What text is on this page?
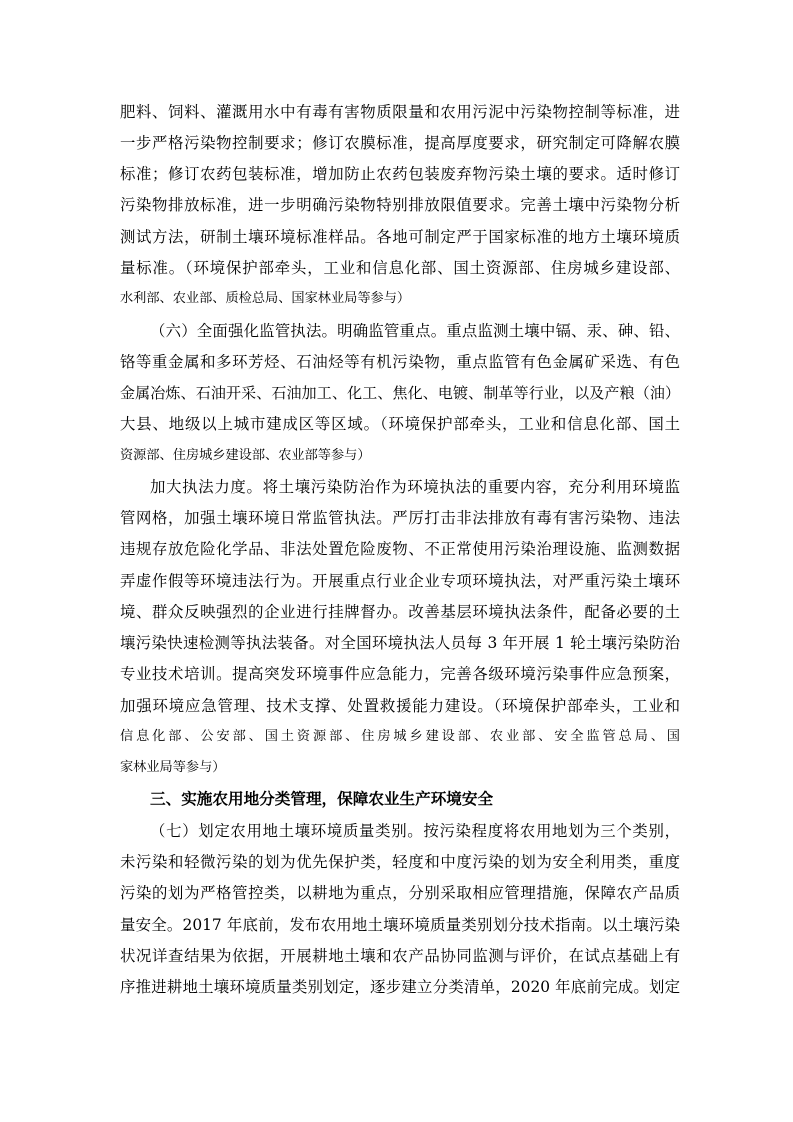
肥料、饲料、灌溉用水中有毒有害物质限量和农用污泥中污染物控制等标准，进
一步严格污染物控制要求；修订农膜标准，提高厚度要求，研究制定可降解农膜
标准；修订农药包装标准，增加防止农药包装废弃物污染土壤的要求。适时修订
污染物排放标准，进一步明确污染物特别排放限值要求。完善土壤中污染物分析
测试方法，研制土壤环境标准样品。各地可制定严于国家标准的地方土壤环境质
量标准。（环境保护部牵头，工业和信息化部、国土资源部、住房城乡建设部、
水利部、农业部、质检总局、国家林业局等参与）
（六）全面强化监管执法。明确监管重点。重点监测土壤中镉、汞、砷、铅、
铬等重金属和多环芳烃、石油烃等有机污染物，重点监管有色金属矿采选、有色
金属冶炼、石油开采、石油加工、化工、焦化、电镀、制革等行业，以及产粮（油）
大县、地级以上城市建成区等区域。（环境保护部牵头，工业和信息化部、国土
资源部、住房城乡建设部、农业部等参与）
加大执法力度。将土壤污染防治作为环境执法的重要内容，充分利用环境监
管网格，加强土壤环境日常监管执法。严厉打击非法排放有毒有害污染物、违法
违规存放危险化学品、非法处置危险废物、不正常使用污染治理设施、监测数据
弄虚作假等环境违法行为。开展重点行业企业专项环境执法，对严重污染土壤环
境、群众反映强烈的企业进行挂牌督办。改善基层环境执法条件，配备必要的土
壤污染快速检测等执法装备。对全国环境执法人员每 3 年开展 1 轮土壤污染防治
专业技术培训。提高突发环境事件应急能力，完善各级环境污染事件应急预案，
加强环境应急管理、技术支撑、处置救援能力建设。（环境保护部牵头，工业和
信息化部、公安部、国土资源部、住房城乡建设部、农业部、安全监管总局、国
家林业局等参与）
三、实施农用地分类管理，保障农业生产环境安全
（七）划定农用地土壤环境质量类别。按污染程度将农用地划为三个类别，
未污染和轻微污染的划为优先保护类，轻度和中度污染的划为安全利用类，重度
污染的划为严格管控类，以耕地为重点，分别采取相应管理措施，保障农产品质
量安全。2017 年底前，发布农用地土壤环境质量类别划分技术指南。以土壤污染
状况详查结果为依据，开展耕地土壤和农产品协同监测与评价，在试点基础上有
序推进耕地土壤环境质量类别划定，逐步建立分类清单，2020 年底前完成。划定
